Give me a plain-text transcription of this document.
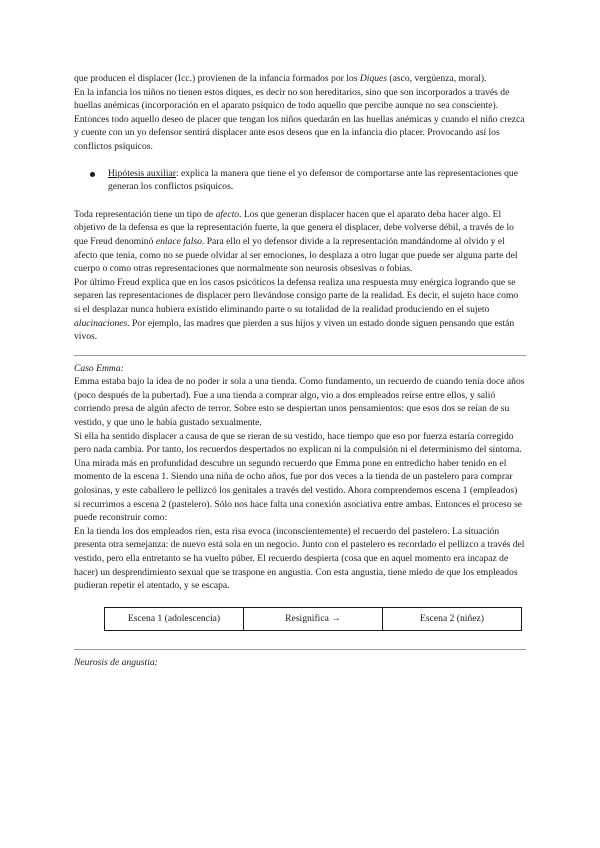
que producen el displacer (Icc.) provienen de la infancia formados por los Diques (asco, vergüenza, moral).

En la infancia los niños no tienen estos diques, es decir no son hereditarios, sino que son incorporados a través de huellas anémicas (incorporación en el aparato psíquico de todo aquello que percibe aunque no sea consciente). Entonces todo aquello deseo de placer que tengan los niños quedarán en las huellas anémicas y cuando el niño crezca y cuente con un yo defensor sentirá displacer ante esos deseos que en la infancia dio placer. Provocando así los conflictos psíquicos.

Hipótesis auxiliar: explica la manera que tiene el yo defensor de comportarse ante las representaciones que generan los conflictos psíquicos.

Toda representación tiene un tipo de afecto. Los que generan displacer hacen que el aparato deba hacer algo. El objetivo de la defensa es que la representación fuerte, la que genera el displacer, debe volverse débil, a través de lo que Freud denominó enlace falso. Para ello el yo defensor divide a la representación mandándome al olvido y el afecto que tenía, como no se puede olvidar al ser emociones, lo desplaza a otro lugar que puede ser alguna parte del cuerpo o como otras representaciones que normalmente son neurosis obsesivas o fobias.

Por último Freud explica que en los casos psicóticos la defensa realiza una respuesta muy enérgica logrando que se separen las representaciones de displacer pero llevándose consigo parte de la realidad. Es decir, el sujeto hace como si el desplazar nunca hubiera existido eliminando parte o su totalidad de la realidad produciendo en el sujeto alucinaciones. Por ejemplo, las madres que pierden a sus hijos y viven un estado donde siguen pensando que están vivos.

Caso Emma:

Emma estaba bajo la idea de no poder ir sola a una tienda. Como fundamento, un recuerdo de cuando tenía doce años (poco después de la pubertad). Fue a una tienda a comprar algo, vio a dos empleados reírse entre ellos, y salió corriendo presa de algún afecto de terror. Sobre esto se despiertan unos pensamientos: que esos dos se reían de su vestido, y que uno le había gustado sexualmente.

Si ella ha sentido displacer a causa de que se rieran de su vestido, hace tiempo que eso por fuerza estaría corregido pero nada cambia. Por tanto, los recuerdos despertados no explican ni la compulsión ni el determinismo del síntoma. Una mirada más en profundidad descubre un segundo recuerdo que Emma pone en entredicho haber tenido en el momento de la escena 1. Siendo una niña de ocho años, fue por dos veces a la tienda de un pastelero para comprar golosinas, y este caballero le pellizcó los genitales a través del vestido. Ahora comprendemos escena 1 (empleados) si recurrimos a escena 2 (pastelero). Sólo nos hace falta una conexión asociativa entre ambas. Entonces el proceso se puede reconstruir como:

En la tienda los dos empleados ríen, esta risa evoca (inconscientemente) el recuerdo del pastelero. La situación presenta otra semejanza: de nuevo está sola en un negocio. Junto con el pastelero es recordado el pellizco a través del vestido, pero ella entretanto se ha vuelto púber. El recuerdo despierta (cosa que en aquel momento era incapaz de hacer) un desprendimiento sexual que se traspone en angustia. Con esta angustia, tiene miedo de que los empleados pudieran repetir el atentado, y se escapa.

Escena 1 (adolescencia)	Resignifica →	Escena 2 (niñez)

Neurosis de angustia:
